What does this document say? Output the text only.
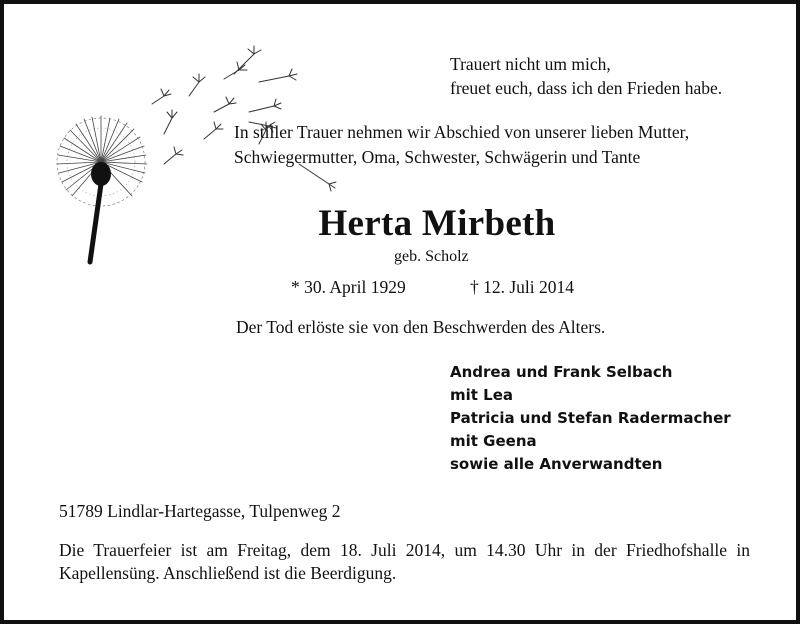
Trauert nicht um mich,
freuet euch, dass ich den Frieden habe.
In stiller Trauer nehmen wir Abschied von unserer lieben Mutter,
Schwiegermutter, Oma, Schwester, Schwägerin und Tante
Herta Mirbeth
geb. Scholz
* 30. April 1929	† 12. Juli 2014
Der Tod erlöste sie von den Beschwerden des Alters.
Andrea und Frank Selbach
mit Lea
Patricia und Stefan Radermacher
mit Geena
sowie alle Anverwandten
51789 Lindlar-Hartegasse, Tulpenweg 2
Die Trauerfeier ist am Freitag, dem 18. Juli 2014, um 14.30 Uhr in der Friedhofshalle in
Kapellensüng. Anschließend ist die Beerdigung.
